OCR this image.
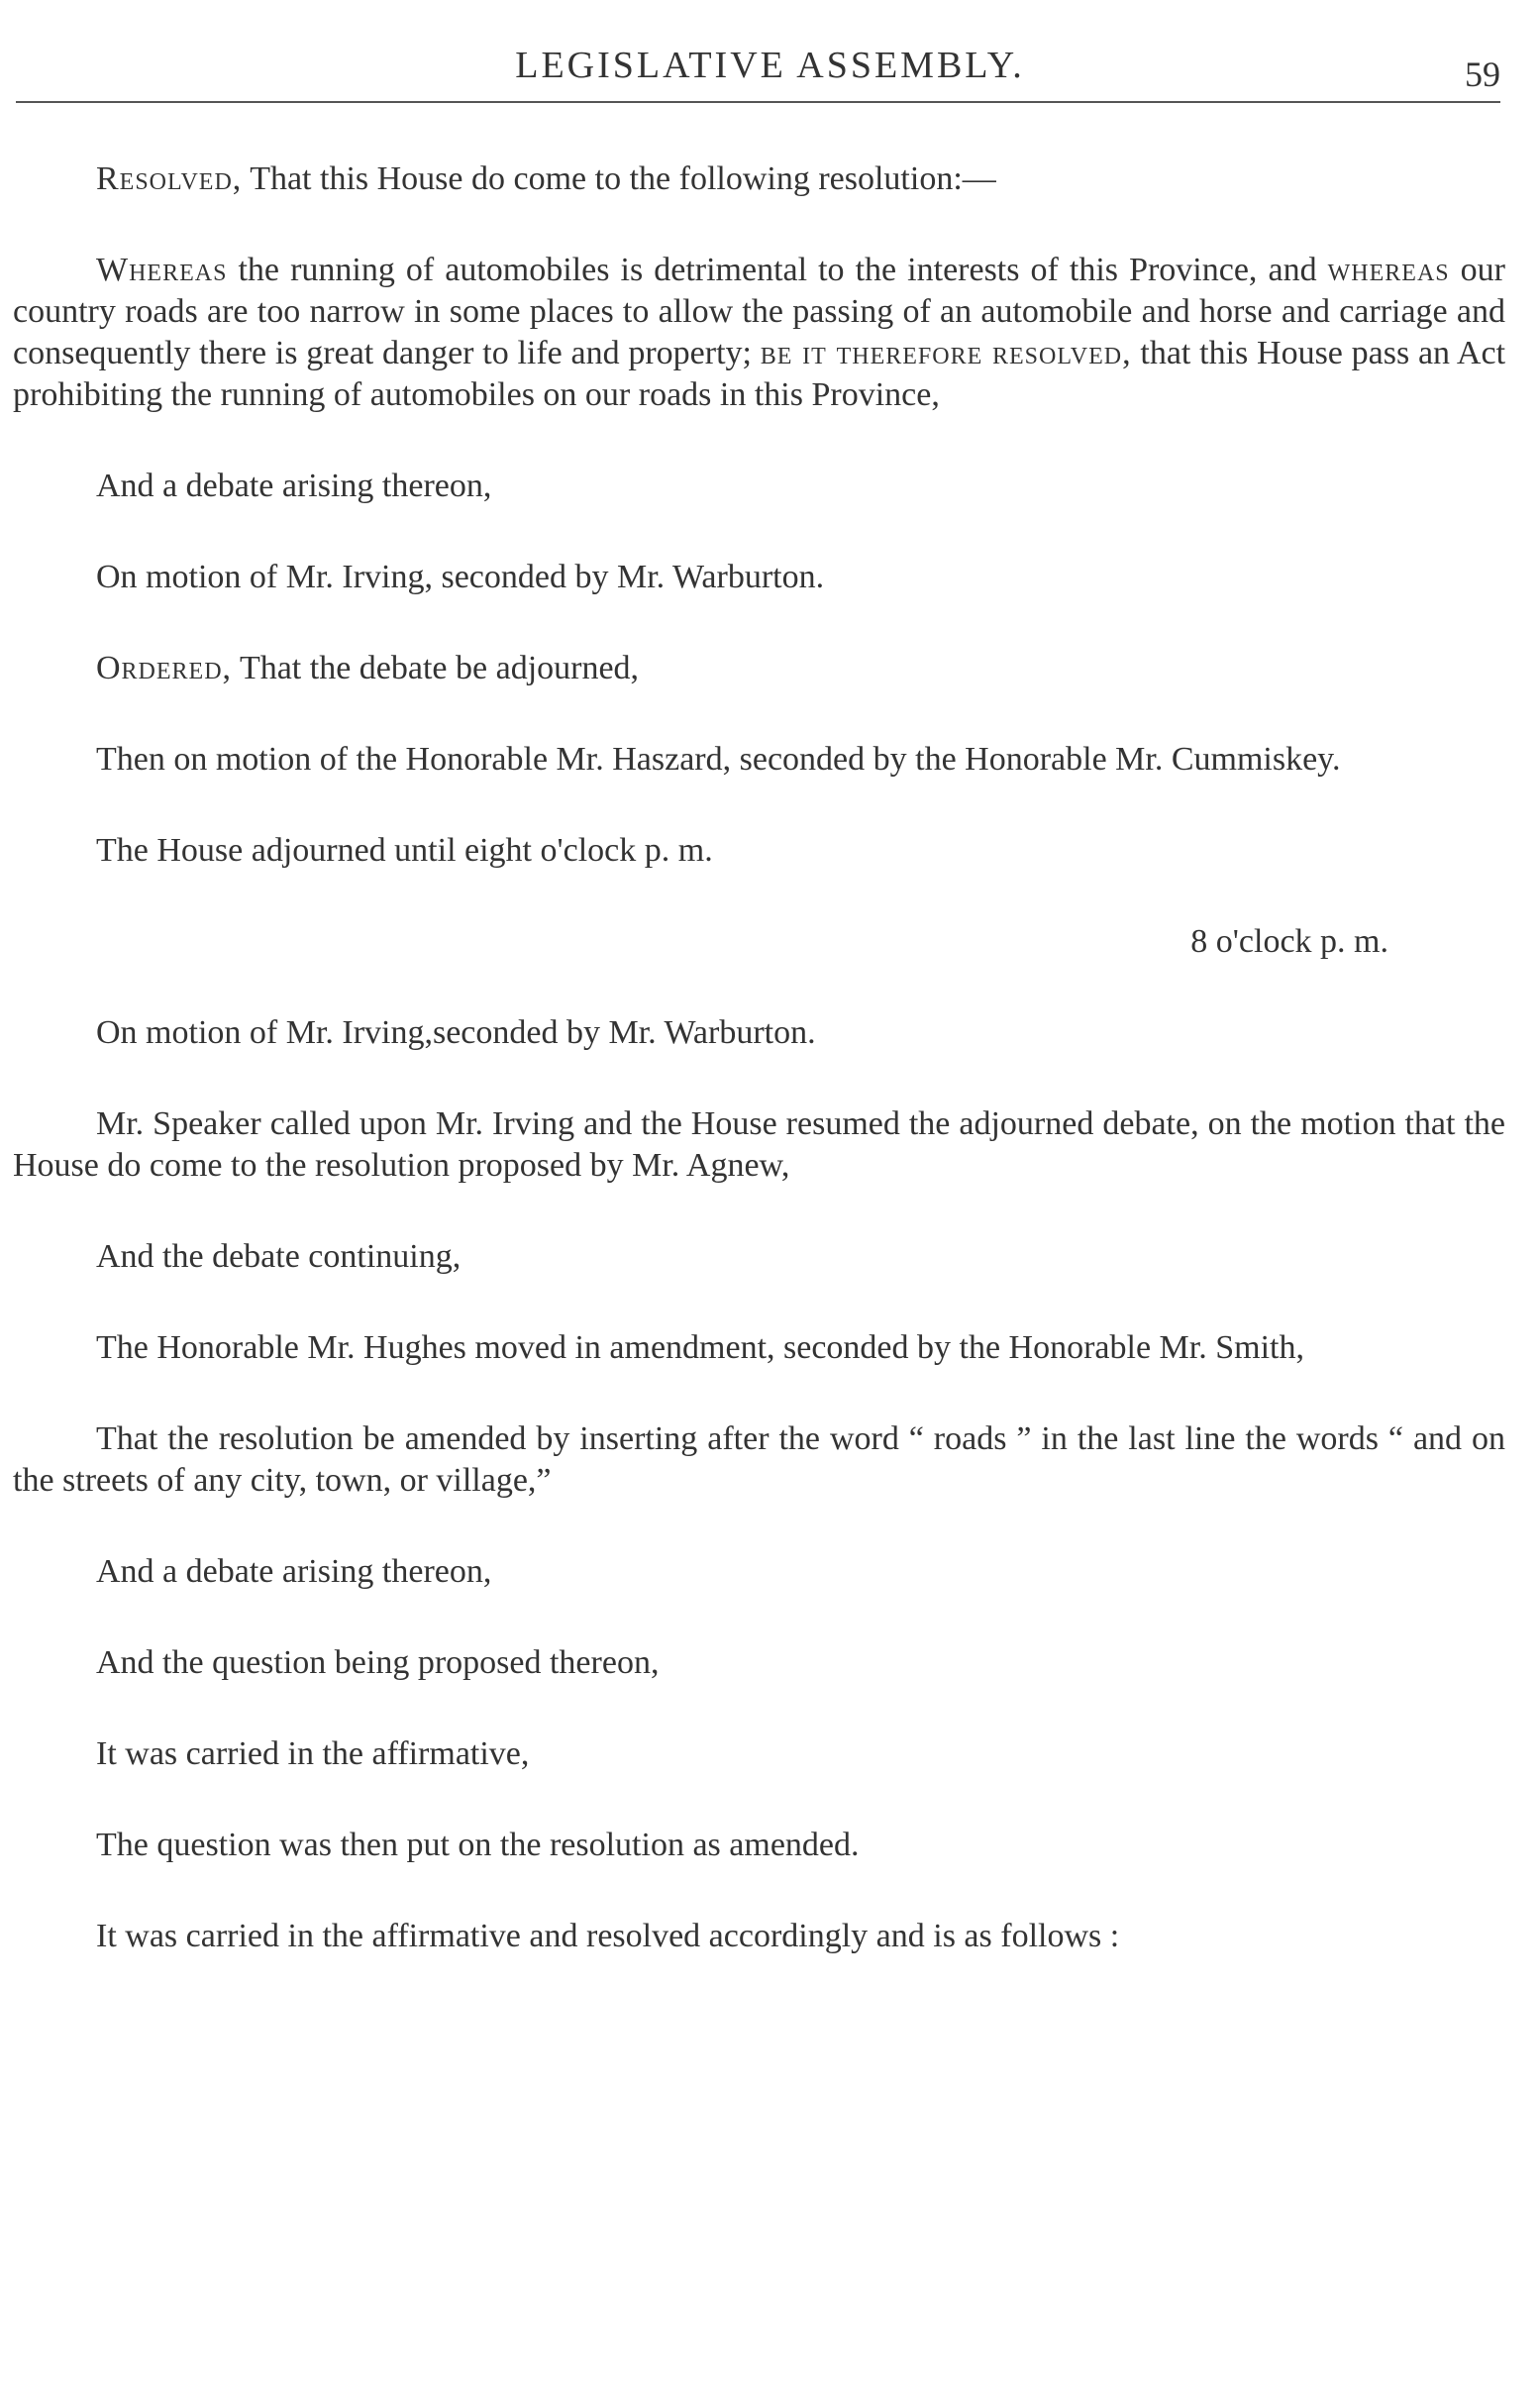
LEGISLATIVE ASSEMBLY.	59

Resolved, That this House do come to the following resolution:—

Whereas the running of automobiles is detrimental to the interests of this Province, and whereas our country roads are too narrow in some places to allow the passing of an automobile and horse and carriage and consequently there is great danger to life and property; be it therefore resolved, that this House pass an Act prohibiting the running of automobiles on our roads in this Province,

And a debate arising thereon,

On motion of Mr. Irving, seconded by Mr. Warburton.

Ordered, That the debate be adjourned,

Then on motion of the Honorable Mr. Haszard, seconded by the Honorable Mr. Cummiskey.

The House adjourned until eight o'clock p. m.

8 o'clock p. m.

On motion of Mr. Irving,seconded by Mr. Warburton.

Mr. Speaker called upon Mr. Irving and the House resumed the adjourned debate, on the motion that the House do come to the resolution proposed by Mr. Agnew,

And the debate continuing,

The Honorable Mr. Hughes moved in amendment, seconded by the Honorable Mr. Smith,

That the resolution be amended by inserting after the word “ roads ” in the last line the words “ and on the streets of any city, town, or village,”

And a debate arising thereon,

And the question being proposed thereon,

It was carried in the affirmative,

The question was then put on the resolution as amended.

It was carried in the affirmative and resolved accordingly and is as follows :
